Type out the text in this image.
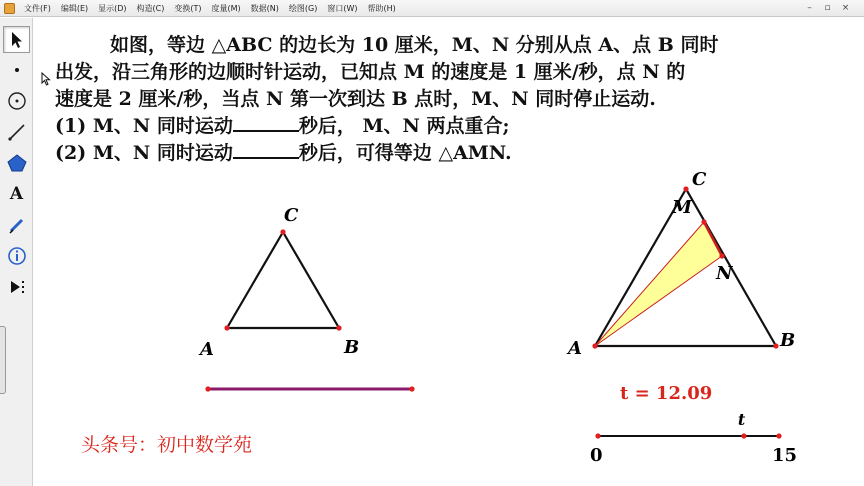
文件(F)	编辑(E)	显示(D)	构造(C)	变换(T)	度量(M)	数据(N)	绘图(G)	窗口(W)	帮助(H)	– ▫ ×
A

如图，等边 △ABC 的边长为 10 厘米，M、N 分别从点 A、点 B 同时

出发，沿三角形的边顺时针运动，已知点 M 的速度是 1 厘米/秒，点 N 的

速度是 2 厘米/秒，当点 N 第一次到达 B 点时，M、N 同时停止运动.

(1) M、N 同时运动	秒后， M、N 两点重合;

(2) M、N 同时运动	秒后，可得等边 △AMN.

C
A	B
C
M
N
A	B
t
0	15
t = 12.09
头条号：初中数学苑
